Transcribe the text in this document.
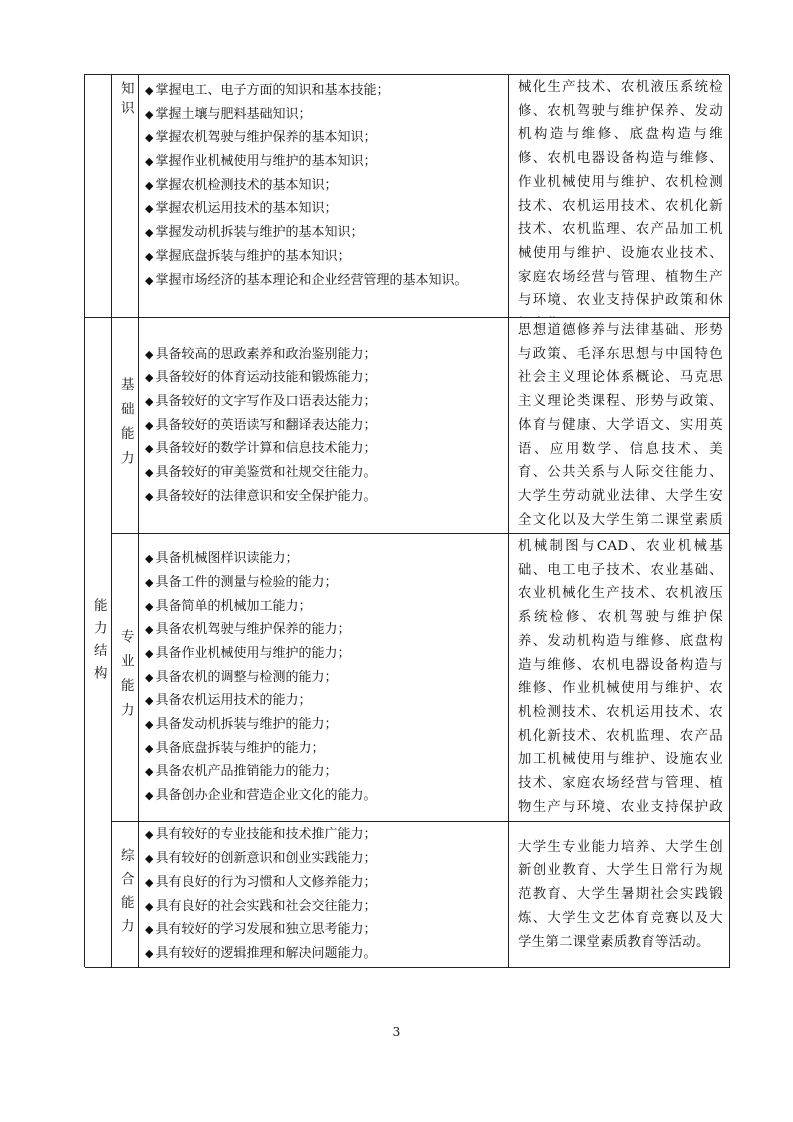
能力结构
知识 ◆ 掌握电工、电子方面的知识和基本技能；
◆ 掌握土壤与肥料基础知识；
◆ 掌握农机驾驶与维护保养的基本知识；
◆ 掌握作业机械使用与维护的基本知识；
◆ 掌握农机检测技术的基本知识；
◆ 掌握农机运用技术的基本知识；
◆ 掌握发动机拆装与维护的基本知识；
◆ 掌握底盘拆装与维护的基本知识；
◆ 掌握市场经济的基本理论和企业经营管理的基本知识。
械化生产技术、农机液压系统检修、农机驾驶与维护保养、发动机构造与维修、底盘构造与维修、农机电器设备构造与维修、作业机械使用与维护、农机检测技术、农机运用技术、农机化新技术、农机监理、农产品加工机械使用与维护、设施农业技术、家庭农场经营与管理、植物生产与环境、农业支持保护政策和休
基础能力
◆ 具备较高的思政素养和政治鉴别能力；
◆ 具备较好的体育运动技能和锻炼能力；
◆ 具备较好的文字写作及口语表达能力；
◆ 具备较好的英语读写和翻译表达能力；
◆ 具备较好的数学计算和信息技术能力；
◆ 具备较好的审美鉴赏和社规交往能力。
◆ 具备较好的法律意识和安全保护能力。
思想道德修养与法律基础、形势与政策、毛泽东思想与中国特色社会主义理论体系概论、马克思主义理论类课程、形势与政策、体育与健康、大学语文、实用英语、应用数学、信息技术、美育、公共关系与人际交往能力、大学生劳动就业法律、大学生安全文化以及大学生第二课堂素质
专业能力
◆ 具备机械图样识读能力；
◆ 具备工件的测量与检验的能力；
◆ 具备简单的机械加工能力；
◆ 具备农机驾驶与维护保养的能力；
◆ 具备作业机械使用与维护的能力；
◆ 具备农机的调整与检测的能力；
◆ 具备农机运用技术的能力；
◆ 具备发动机拆装与维护的能力；
◆ 具备底盘拆装与维护的能力；
◆ 具备农机产品推销能力的能力；
◆ 具备创办企业和营造企业文化的能力。
机械制图与CAD、农业机械基础、电工电子技术、农业基础、农业机械化生产技术、农机液压系统检修、农机驾驶与维护保养、发动机构造与维修、底盘构造与维修、农机电器设备构造与维修、作业机械使用与维护、农机检测技术、农机运用技术、农机化新技术、农机监理、农产品加工机械使用与维护、设施农业技术、家庭农场经营与管理、植物生产与环境、农业支持保护政
综合能力
◆ 具有较好的专业技能和技术推广能力；
◆ 具有较好的创新意识和创业实践能力；
◆ 具有良好的行为习惯和人文修养能力；
◆ 具有良好的社会实践和社会交往能力；
◆ 具有较好的学习发展和独立思考能力；
◆ 具有较好的逻辑推理和解决问题能力。
大学生专业能力培养、大学生创新创业教育、大学生日常行为规范教育、大学生暑期社会实践锻炼、大学生文艺体育竞赛以及大学生第二课堂素质教育等活动。
3
